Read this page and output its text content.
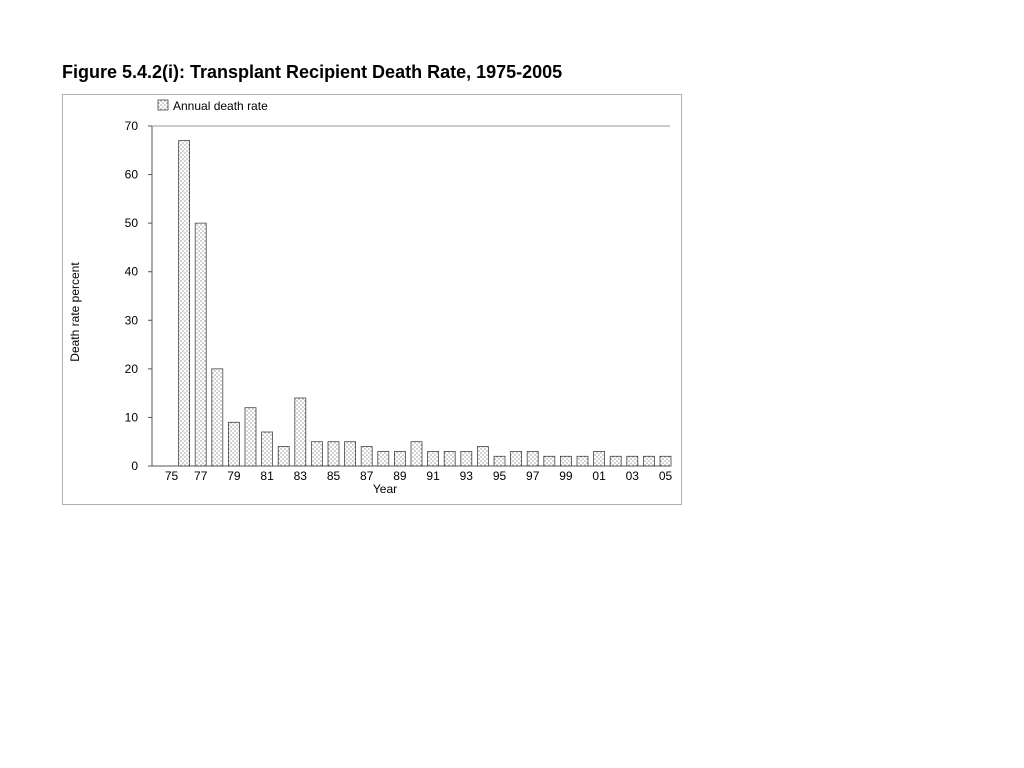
Figure 5.4.2(i): Transplant Recipient Death Rate, 1975-2005
0
10
20
30
40
50
60
70
75 77 79 81 83 85 87 89 91 93 95 97 99 01 03 05
Year
Death rate percent
Annual death rate
